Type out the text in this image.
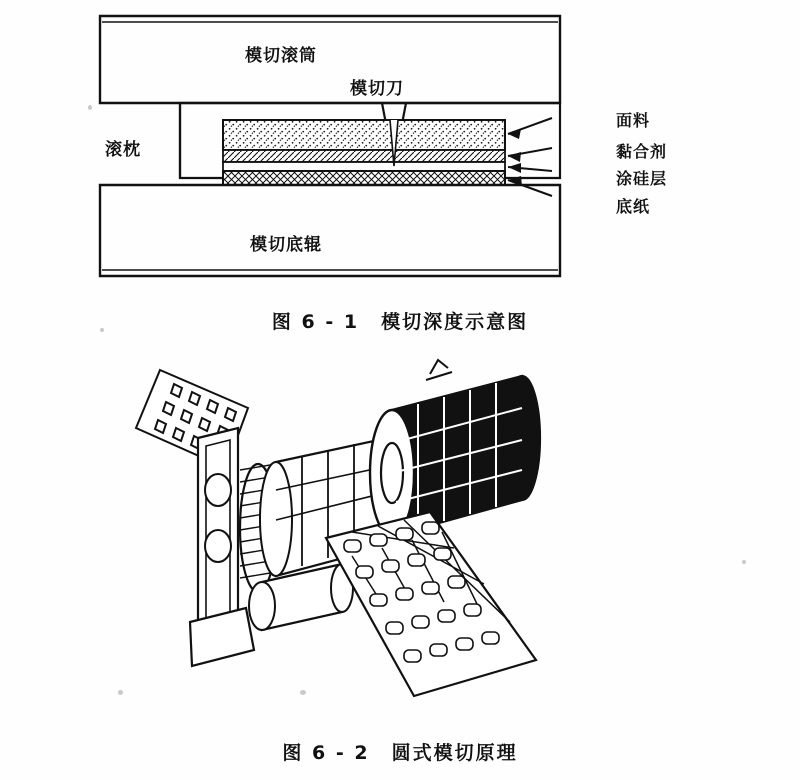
模切滚筒
模切刀
滚枕
模切底辊
面料
黏合剂
涂硅层
底纸
图 6 - 1 模切深度示意图
图 6 - 2 圆式模切原理
